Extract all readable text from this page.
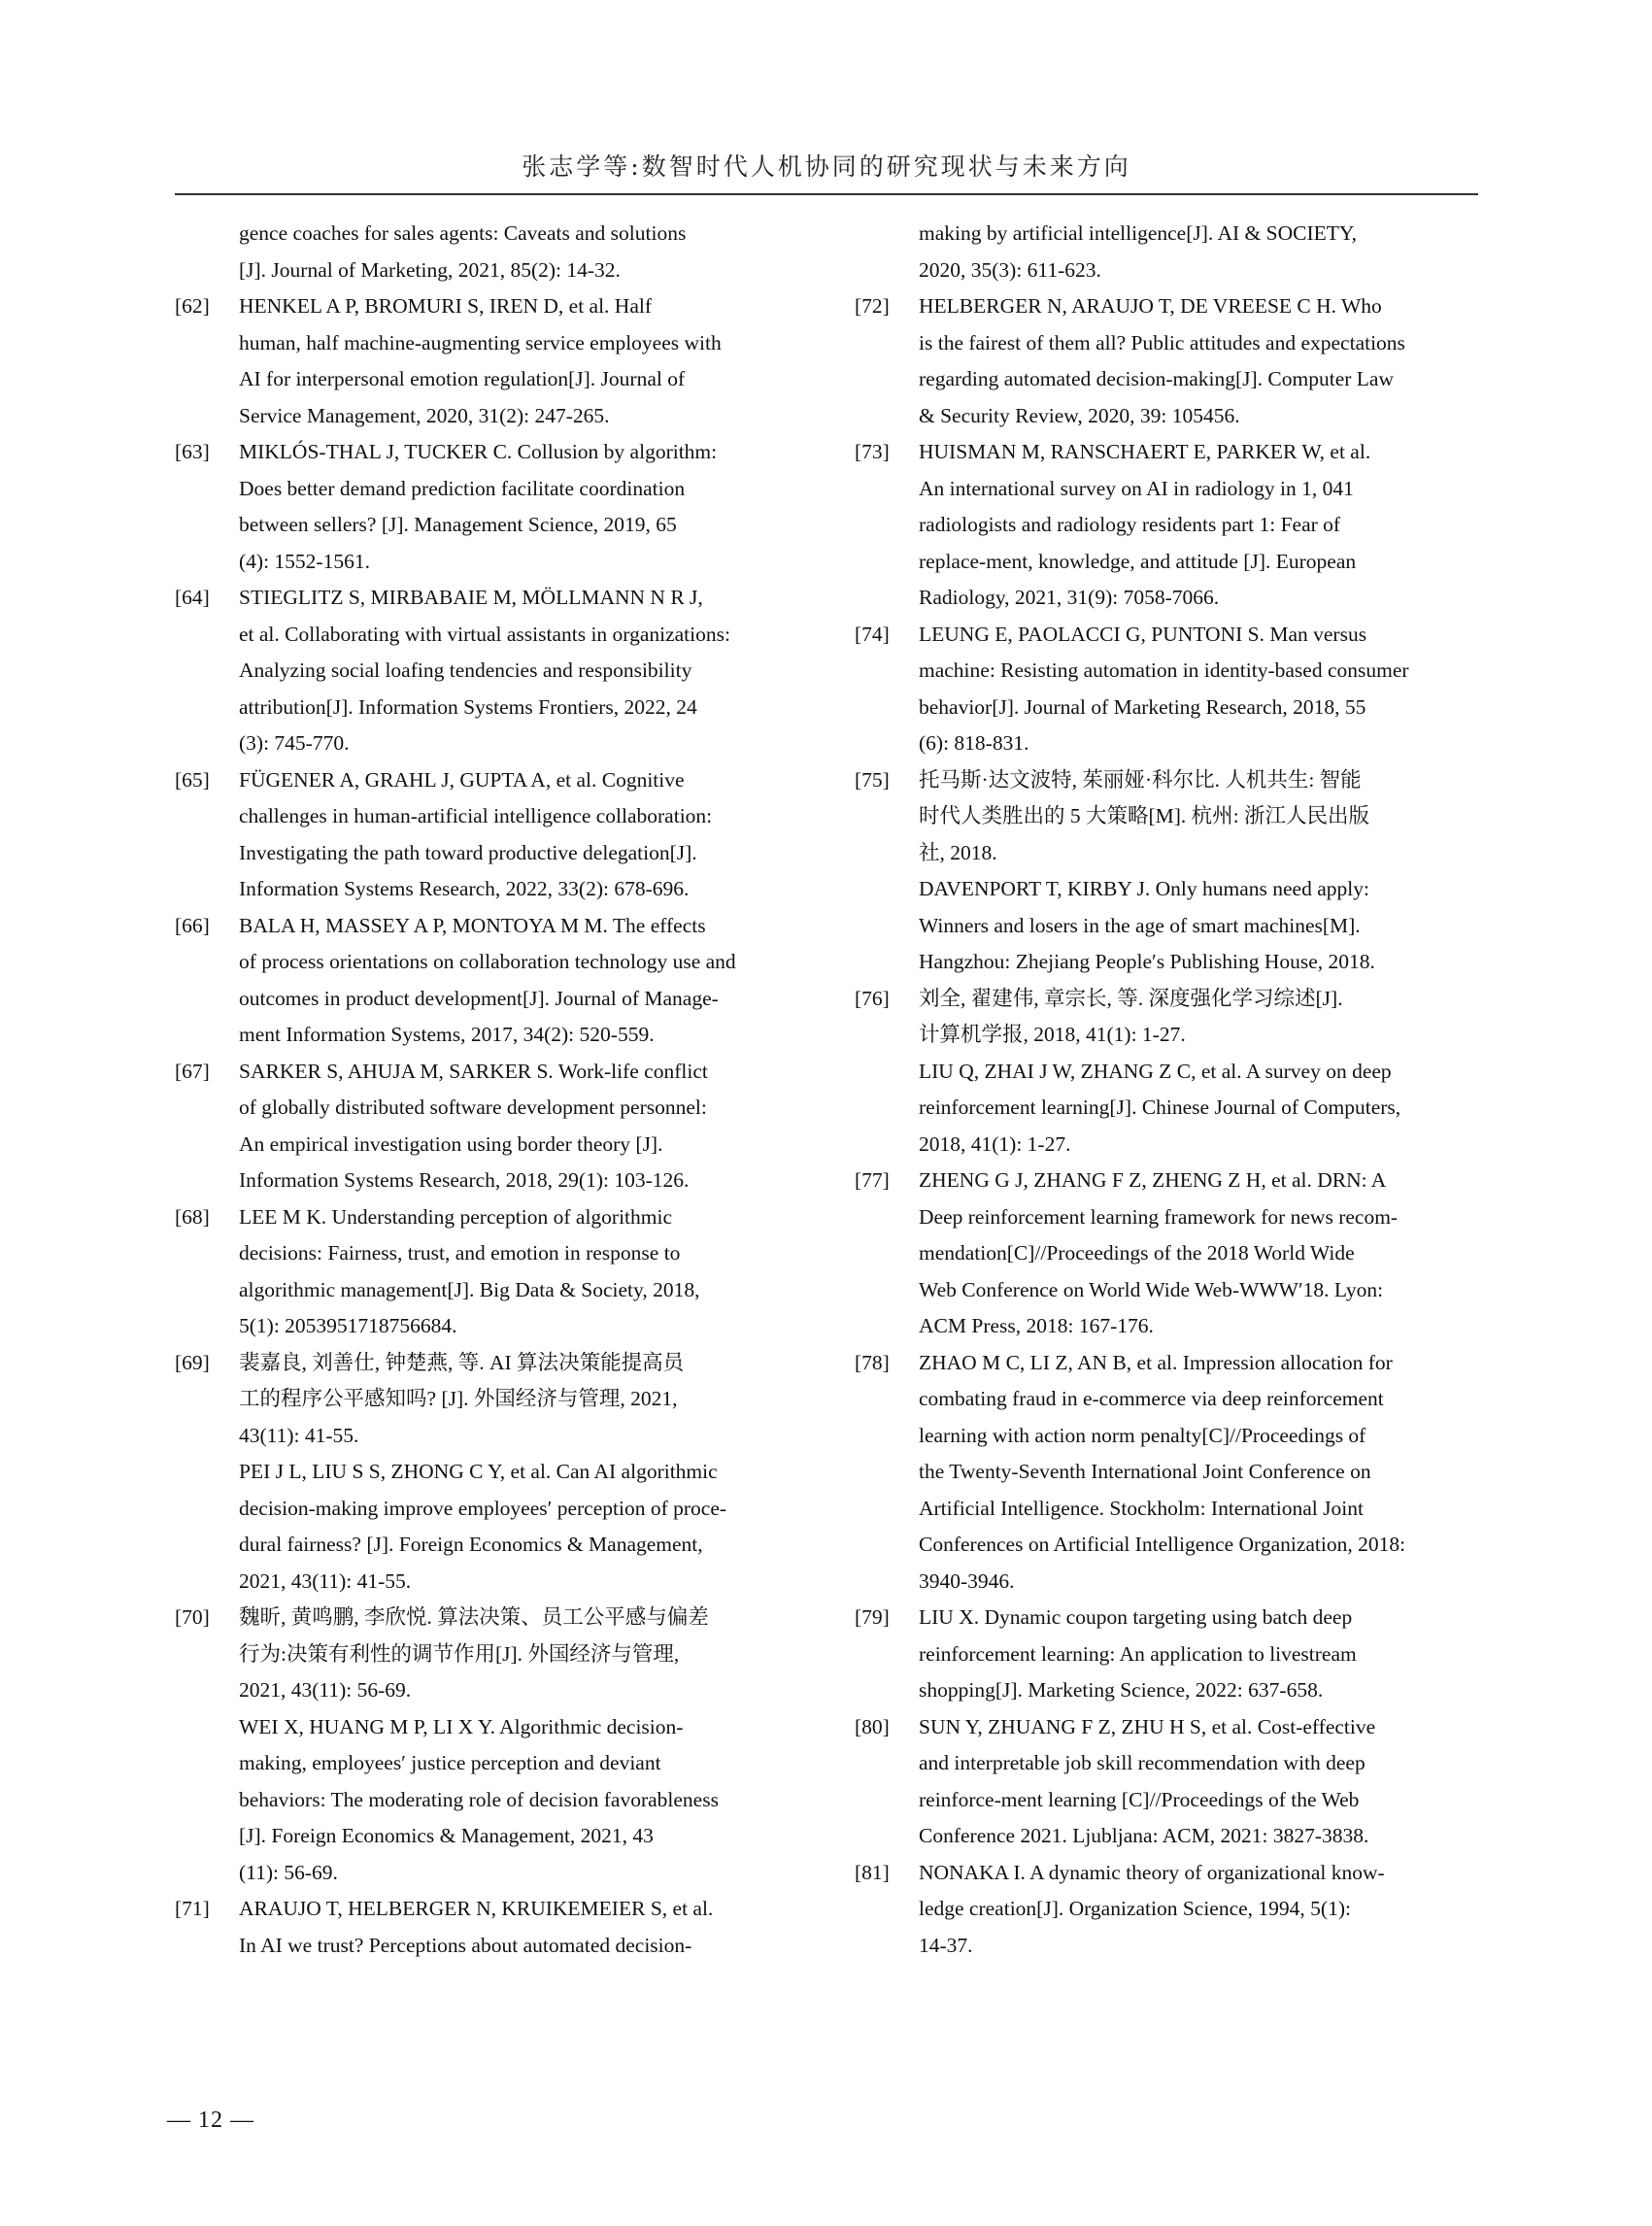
张志学等:数智时代人机协同的研究现状与未来方向
gence coaches for sales agents: Caveats and solutions
[J]. Journal of Marketing, 2021, 85(2): 14-32.
[62] HENKEL A P, BROMURI S, IREN D, et al. Half
human, half machine-augmenting service employees with
AI for interpersonal emotion regulation[J]. Journal of
Service Management, 2020, 31(2): 247-265.
[63] MIKLÓS-THAL J, TUCKER C. Collusion by algorithm:
Does better demand prediction facilitate coordination
between sellers? [J]. Management Science, 2019, 65
(4): 1552-1561.
[64] STIEGLITZ S, MIRBABAIE M, MÖLLMANN N R J,
et al. Collaborating with virtual assistants in organizations:
Analyzing social loafing tendencies and responsibility
attribution[J]. Information Systems Frontiers, 2022, 24
(3): 745-770.
[65] FÜGENER A, GRAHL J, GUPTA A, et al. Cognitive
challenges in human-artificial intelligence collaboration:
Investigating the path toward productive delegation[J].
Information Systems Research, 2022, 33(2): 678-696.
[66] BALA H, MASSEY A P, MONTOYA M M. The effects
of process orientations on collaboration technology use and
outcomes in product development[J]. Journal of Manage-
ment Information Systems, 2017, 34(2): 520-559.
[67] SARKER S, AHUJA M, SARKER S. Work-life conflict
of globally distributed software development personnel:
An empirical investigation using border theory [J].
Information Systems Research, 2018, 29(1): 103-126.
[68] LEE M K. Understanding perception of algorithmic
decisions: Fairness, trust, and emotion in response to
algorithmic management[J]. Big Data & Society, 2018,
5(1): 2053951718756684.
[69] 裴嘉良, 刘善仕, 钟楚燕, 等. AI 算法决策能提高员
工的程序公平感知吗? [J]. 外国经济与管理, 2021,
43(11): 41-55.
PEI J L, LIU S S, ZHONG C Y, et al. Can AI algorithmic
decision-making improve employees′ perception of proce-
dural fairness? [J]. Foreign Economics & Management,
2021, 43(11): 41-55.
[70] 魏昕, 黄鸣鹏, 李欣悦. 算法决策、员工公平感与偏差
行为:决策有利性的调节作用[J]. 外国经济与管理,
2021, 43(11): 56-69.
WEI X, HUANG M P, LI X Y. Algorithmic decision-
making, employees′ justice perception and deviant
behaviors: The moderating role of decision favorableness
[J]. Foreign Economics & Management, 2021, 43
(11): 56-69.
[71] ARAUJO T, HELBERGER N, KRUIKEMEIER S, et al.
In AI we trust? Perceptions about automated decision-
making by artificial intelligence[J]. AI & SOCIETY,
2020, 35(3): 611-623.
[72] HELBERGER N, ARAUJO T, DE VREESE C H. Who
is the fairest of them all? Public attitudes and expectations
regarding automated decision-making[J]. Computer Law
& Security Review, 2020, 39: 105456.
[73] HUISMAN M, RANSCHAERT E, PARKER W, et al.
An international survey on AI in radiology in 1, 041
radiologists and radiology residents part 1: Fear of
replace-ment, knowledge, and attitude [J]. European
Radiology, 2021, 31(9): 7058-7066.
[74] LEUNG E, PAOLACCI G, PUNTONI S. Man versus
machine: Resisting automation in identity-based consumer
behavior[J]. Journal of Marketing Research, 2018, 55
(6): 818-831.
[75] 托马斯·达文波特, 茱丽娅·科尔比. 人机共生: 智能
时代人类胜出的 5 大策略[M]. 杭州: 浙江人民出版
社, 2018.
DAVENPORT T, KIRBY J. Only humans need apply:
Winners and losers in the age of smart machines[M].
Hangzhou: Zhejiang People′s Publishing House, 2018.
[76] 刘全, 翟建伟, 章宗长, 等. 深度强化学习综述[J].
计算机学报, 2018, 41(1): 1-27.
LIU Q, ZHAI J W, ZHANG Z C, et al. A survey on deep
reinforcement learning[J]. Chinese Journal of Computers,
2018, 41(1): 1-27.
[77] ZHENG G J, ZHANG F Z, ZHENG Z H, et al. DRN: A
Deep reinforcement learning framework for news recom-
mendation[C]//Proceedings of the 2018 World Wide
Web Conference on World Wide Web-WWW′18. Lyon:
ACM Press, 2018: 167-176.
[78] ZHAO M C, LI Z, AN B, et al. Impression allocation for
combating fraud in e-commerce via deep reinforcement
learning with action norm penalty[C]//Proceedings of
the Twenty-Seventh International Joint Conference on
Artificial Intelligence. Stockholm: International Joint
Conferences on Artificial Intelligence Organization, 2018:
3940-3946.
[79] LIU X. Dynamic coupon targeting using batch deep
reinforcement learning: An application to livestream
shopping[J]. Marketing Science, 2022: 637-658.
[80] SUN Y, ZHUANG F Z, ZHU H S, et al. Cost-effective
and interpretable job skill recommendation with deep
reinforce-ment learning [C]//Proceedings of the Web
Conference 2021. Ljubljana: ACM, 2021: 3827-3838.
[81] NONAKA I. A dynamic theory of organizational know-
ledge creation[J]. Organization Science, 1994, 5(1):
14-37.
— 12 —
